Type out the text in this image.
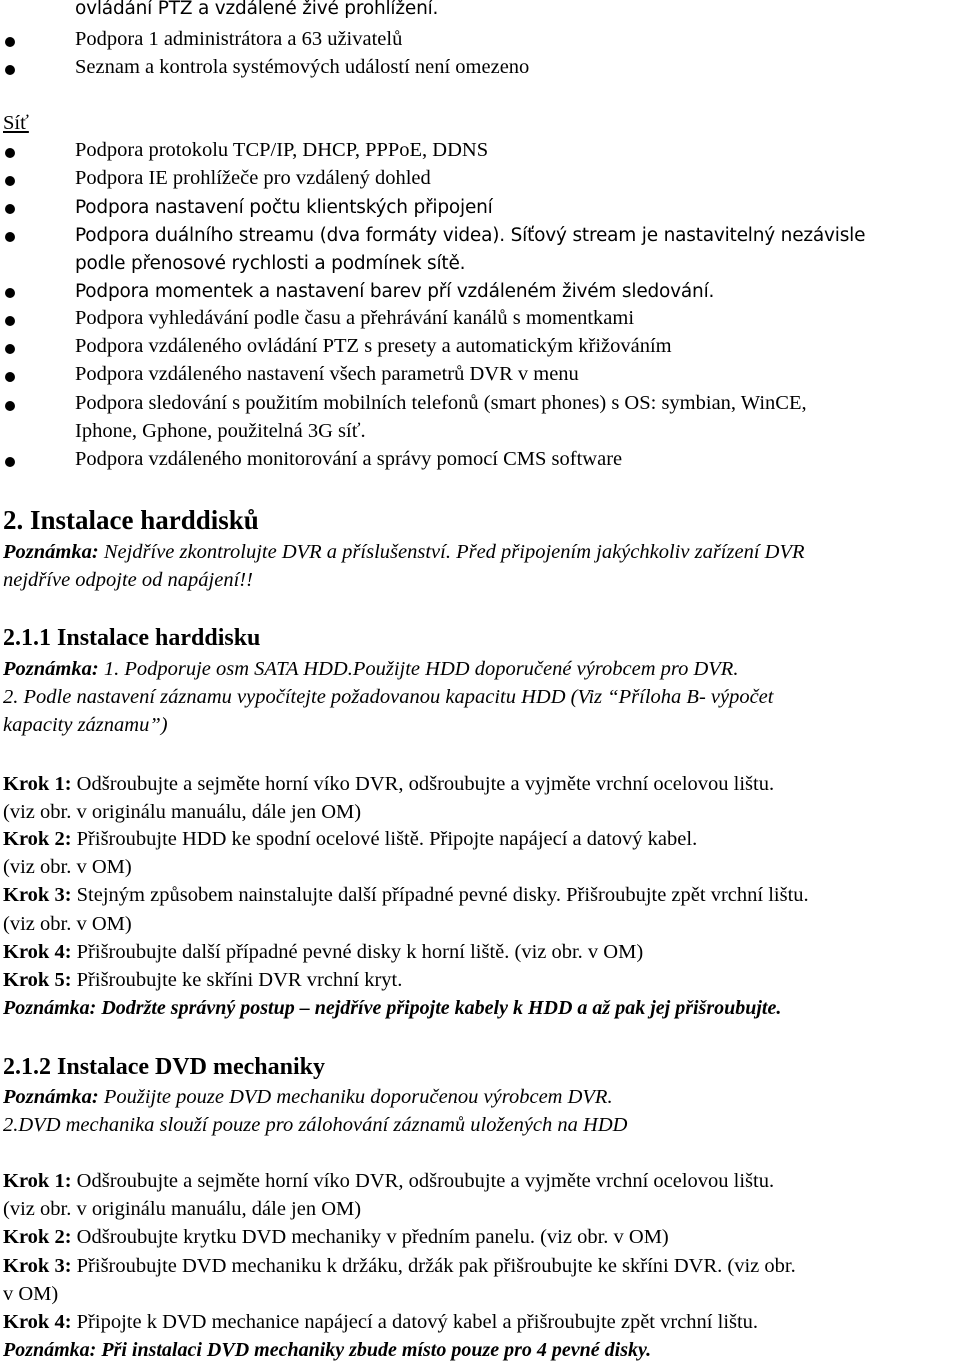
ovládání PTZ a vzdálené živé prohlížení.
Podpora 1 administrátora a 63 uživatelů
Seznam a kontrola systémových událostí není omezeno
Síť
Podpora protokolu TCP/IP, DHCP, PPPoE, DDNS
Podpora IE prohlížeče pro vzdálený dohled
Podpora nastavení počtu klientských připojení
Podpora duálního streamu (dva formáty videa). Síťový stream je nastavitelný nezávisle
podle přenosové rychlosti a podmínek sítě.
Podpora momentek a nastavení barev pří vzdáleném živém sledování.
Podpora vyhledávání podle času a přehrávání kanálů s momentkami
Podpora vzdáleného ovládání PTZ s presety a automatickým křižováním
Podpora vzdáleného nastavení všech parametrů DVR v menu
Podpora sledování s použitím mobilních telefonů (smart phones) s OS: symbian, WinCE,
Iphone, Gphone, použitelná 3G síť.
Podpora vzdáleného monitorování a správy pomocí CMS software
2. Instalace harddisků
Poznámka: Nejdříve zkontrolujte DVR a příslušenství. Před připojením jakýchkoliv zařízení DVR
nejdříve odpojte od napájení!!
2.1.1 Instalace harddisku
Poznámka: 1. Podporuje osm SATA HDD.Použijte HDD doporučené výrobcem pro DVR.
2. Podle nastavení záznamu vypočítejte požadovanou kapacitu HDD (Viz “Příloha B- výpočet
kapacity záznamu”)
Krok 1: Odšroubujte a sejměte horní víko DVR, odšroubujte a vyjměte vrchní ocelovou lištu.
(viz obr. v originálu manuálu, dále jen OM)
Krok 2: Přišroubujte HDD ke spodní ocelové liště. Připojte napájecí a datový kabel.
(viz obr. v OM)
Krok 3: Stejným způsobem nainstalujte další případné pevné disky. Přišroubujte zpět vrchní lištu.
(viz obr. v OM)
Krok 4: Přišroubujte další případné pevné disky k horní liště. (viz obr. v OM)
Krok 5: Přišroubujte ke skříni DVR vrchní kryt.
Poznámka: Dodržte správný postup – nejdříve připojte kabely k HDD a až pak jej přišroubujte.
2.1.2 Instalace DVD mechaniky
Poznámka: Použijte pouze DVD mechaniku doporučenou výrobcem DVR.
2.DVD mechanika slouží pouze pro zálohování záznamů uložených na HDD
Krok 1: Odšroubujte a sejměte horní víko DVR, odšroubujte a vyjměte vrchní ocelovou lištu.
(viz obr. v originálu manuálu, dále jen OM)
Krok 2: Odšroubujte krytku DVD mechaniky v předním panelu. (viz obr. v OM)
Krok 3: Přišroubujte DVD mechaniku k držáku, držák pak přišroubujte ke skříni DVR. (viz obr.
v OM)
Krok 4: Připojte k DVD mechanice napájecí a datový kabel a přišroubujte zpět vrchní lištu.
Poznámka: Při instalaci DVD mechaniky zbude místo pouze pro 4 pevné disky.
